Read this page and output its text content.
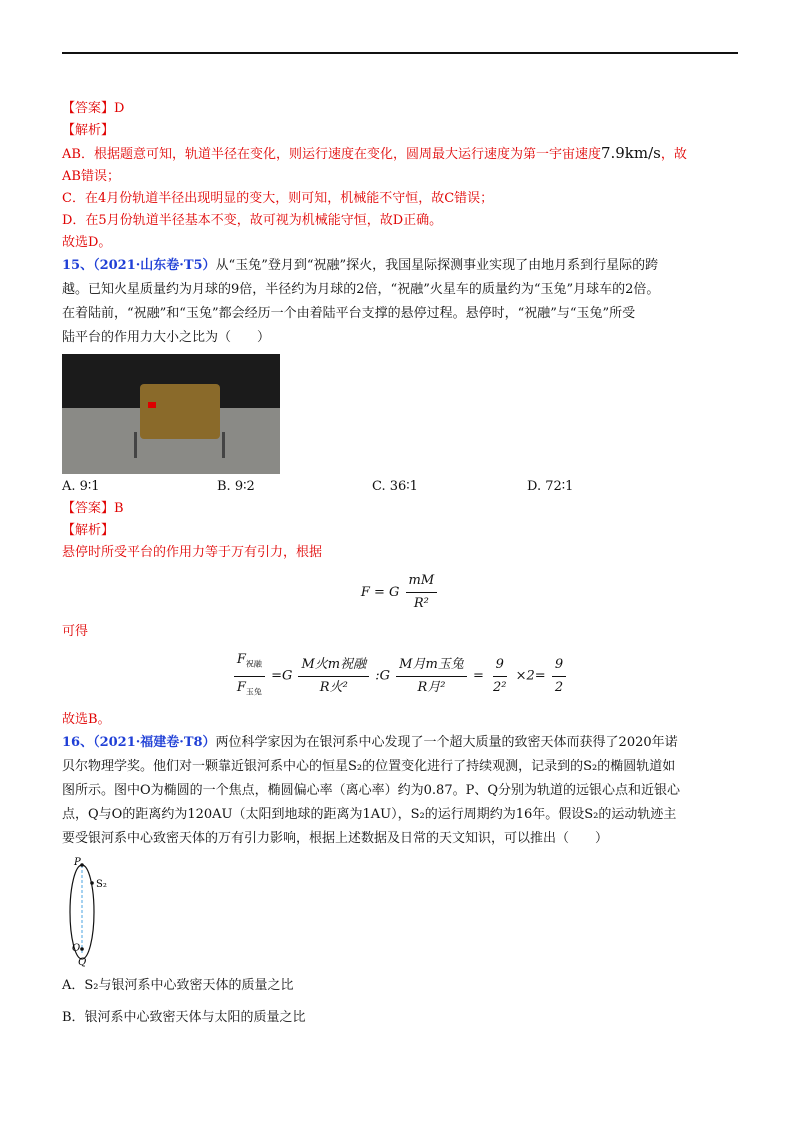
【答案】D
【解析】
AB．根据题意可知，轨道半径在变化，则运行速度在变化，圆周最大运行速度为第一宇宙速度7.9km/s，故
AB错误；
C．在4月份轨道半径出现明显的变大，则可知，机械能不守恒，故C错误；
D．在5月份轨道半径基本不变，故可视为机械能守恒，故D正确。
故选D。
15、（2021·山东卷·T5）从“玉兔”登月到“祝融”探火，我国星际探测事业实现了由地月系到行星际的跨
越。已知火星质量约为月球的9倍，半径约为月球的2倍，“祝融”火星车的质量约为“玉兔”月球车的2倍。
在着陆前，“祝融”和“玉兔”都会经历一个由着陆平台支撑的悬停过程。悬停时，“祝融”与“玉兔”所受
陆平台的作用力大小之比为（　　）
A. 9∶1	B. 9∶2	C. 36∶1	D. 72∶1
【答案】B
【解析】
悬停时所受平台的作用力等于万有引力，根据
F = G $\frac{mM}{\text{R²}}$
可得
$\frac{F_{祝融}}{F_{玉兔}} =G \frac{\text{M火m祝融}}{\text{R火²}}$ :G $\frac{\text{M月m玉兔}}{\text{R月²}} = \frac{9}{\text{2²}} \times 2= \frac{9}{2}$
故选B。
16、（2021·福建卷·T8）两位科学家因为在银河系中心发现了一个超大质量的致密天体而获得了2020年诺
贝尔物理学奖。他们对一颗靠近银河系中心的恒星S₂的位置变化进行了持续观测，记录到的S₂的椭圆轨道如
图所示。图中O为椭圆的一个焦点，椭圆偏心率（离心率）约为0.87。P、Q分别为轨道的远银心点和近银心
点，Q与O的距离约为120AU（太阳到地球的距离为1AU），S₂的运行周期约为16年。假设S₂的运动轨迹主
要受银河系中心致密天体的万有引力影响，根据上述数据及日常的天文知识，可以推出（　　）
P
S₂
O
Q
A．S₂与银河系中心致密天体的质量之比
B．银河系中心致密天体与太阳的质量之比
